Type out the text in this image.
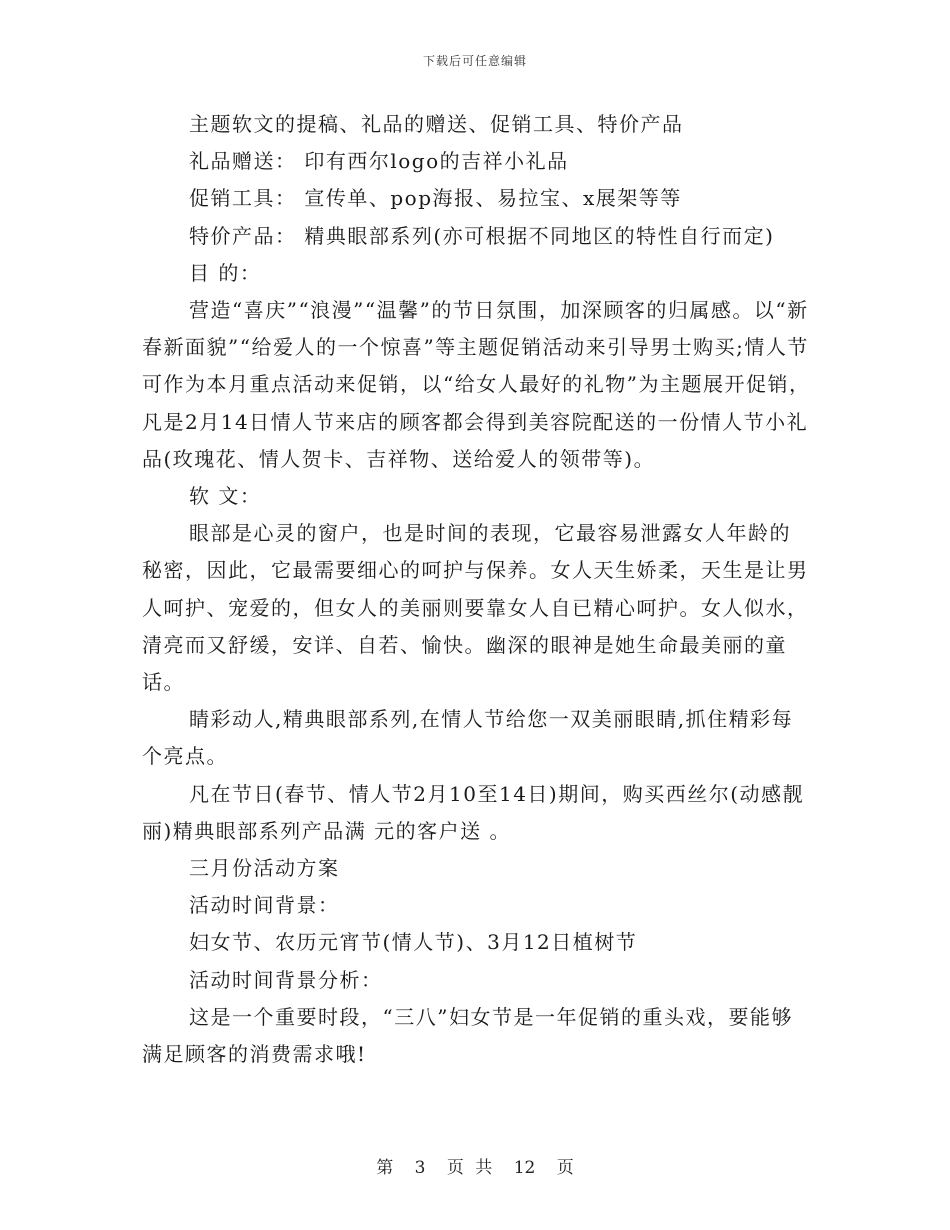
下载后可任意编辑

主题软文的提稿、礼品的赠送、促销工具、特价产品

礼品赠送： 印有西尔logo的吉祥小礼品

促销工具： 宣传单、pop海报、易拉宝、x展架等等

特价产品： 精典眼部系列(亦可根据不同地区的特性自行而定)

目 的：

营造“喜庆”“浪漫”“温馨”的节日氛围，加深顾客的归属感。以“新春新面貌”“给爱人的一个惊喜”等主题促销活动来引导男士购买;情人节可作为本月重点活动来促销，以“给女人最好的礼物”为主题展开促销，凡是2月14日情人节来店的顾客都会得到美容院配送的一份情人节小礼品(玫瑰花、情人贺卡、吉祥物、送给爱人的领带等)。

软 文：

眼部是心灵的窗户，也是时间的表现，它最容易泄露女人年龄的秘密，因此，它最需要细心的呵护与保养。女人天生娇柔，天生是让男人呵护、宠爱的，但女人的美丽则要靠女人自已精心呵护。女人似水，清亮而又舒缓，安详、自若、愉快。幽深的眼神是她生命最美丽的童话。

睛彩动人,精典眼部系列,在情人节给您一双美丽眼睛,抓住精彩每个亮点。

凡在节日(春节、情人节2月10至14日)期间，购买西丝尔(动感靓丽)精典眼部系列产品满 元的客户送 。

三月份活动方案

活动时间背景：

妇女节、农历元宵节(情人节)、3月12日植树节

活动时间背景分析：

这是一个重要时段，“三八”妇女节是一年促销的重头戏，要能够满足顾客的消费需求哦!

第 3 页 共 12 页
